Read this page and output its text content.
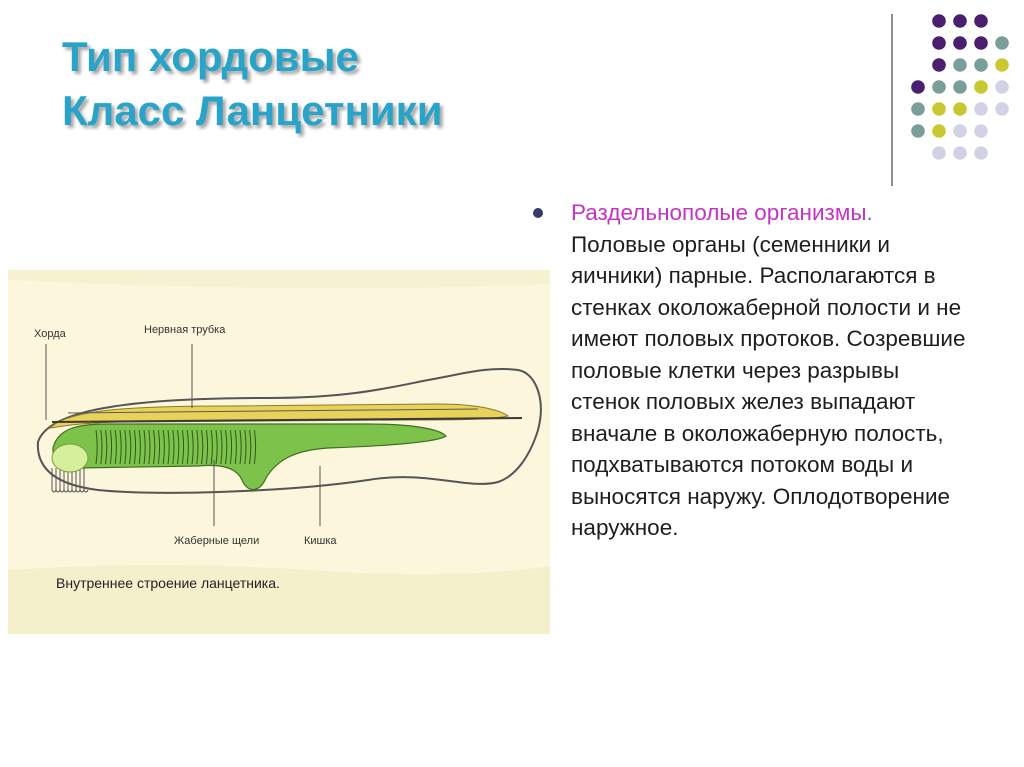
Тип хордовые
Класс Ланцетники
Хорда	Нервная трубка
Жаберные щели	Кишка
Внутреннее строение ланцетника.

Раздельнополые организмы.
Половые органы (семенники и яичники) парные. Располагаются в стенках околожаберной полости и не имеют половых протоков. Созревшие половые клетки через разрывы стенок половых желез выпадают вначале в околожаберную полость, подхватываются потоком воды и выносятся наружу. Оплодотворение наружное.
